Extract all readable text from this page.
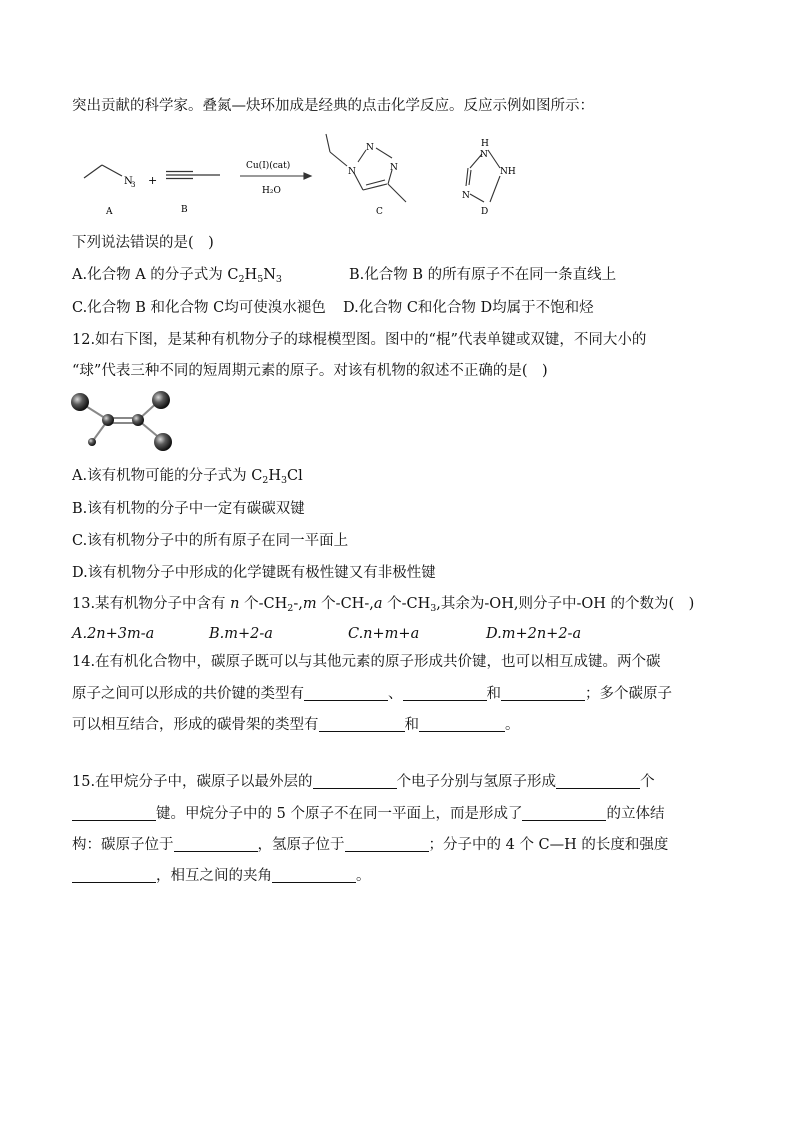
突出贡献的科学家。叠氮—炔环加成是经典的点击化学反应。反应示例如图所示：
N
3 +
Cu(Ⅰ)(cat)
H₂O
N
N
N
H
N
NH
N
A	B	C	D
下列说法错误的是(　)
A.化合物 A 的分子式为 $C_2H_5N_3$	B.化合物 B 的所有原子不在同一条直线上
C.化合物 B 和化合物 C均可使溴水褪色 D.化合物 C和化合物 D均属于不饱和烃
12.如右下图，是某种有机物分子的球棍模型图。图中的“棍”代表单键或双键，不同大小的
“球”代表三种不同的短周期元素的原子。对该有机物的叙述不正确的是(　)
A.该有机物可能的分子式为 $C_2H_3Cl$
B.该有机物的分子中一定有碳碳双键
C.该有机物分子中的所有原子在同一平面上
D.该有机物分子中形成的化学键既有极性键又有非极性键
13.某有机物分子中含有 n 个$-CH_2-,m$ 个-CH-,a 个$-CH_3$,其余为-OH,则分子中-OH 的个数为(　)
A.2n+3m-a	B.m+2-a	C.n+m+a	D.m+2n+2-a
14.在有机化合物中，碳原子既可以与其他元素的原子形成共价键，也可以相互成键。两个碳
原子之间可以形成的共价键的类型有	、	和	；多个碳原子
可以相互结合，形成的碳骨架的类型有	和	。
15.在甲烷分子中，碳原子以最外层的	个电子分别与氢原子形成	个
键。甲烷分子中的 5 个原子不在同一平面上，而是形成了	的立体结
构：碳原子位于	，氢原子位于	；分子中的 4 个 C—H 的长度和强度
，相互之间的夹角	。
